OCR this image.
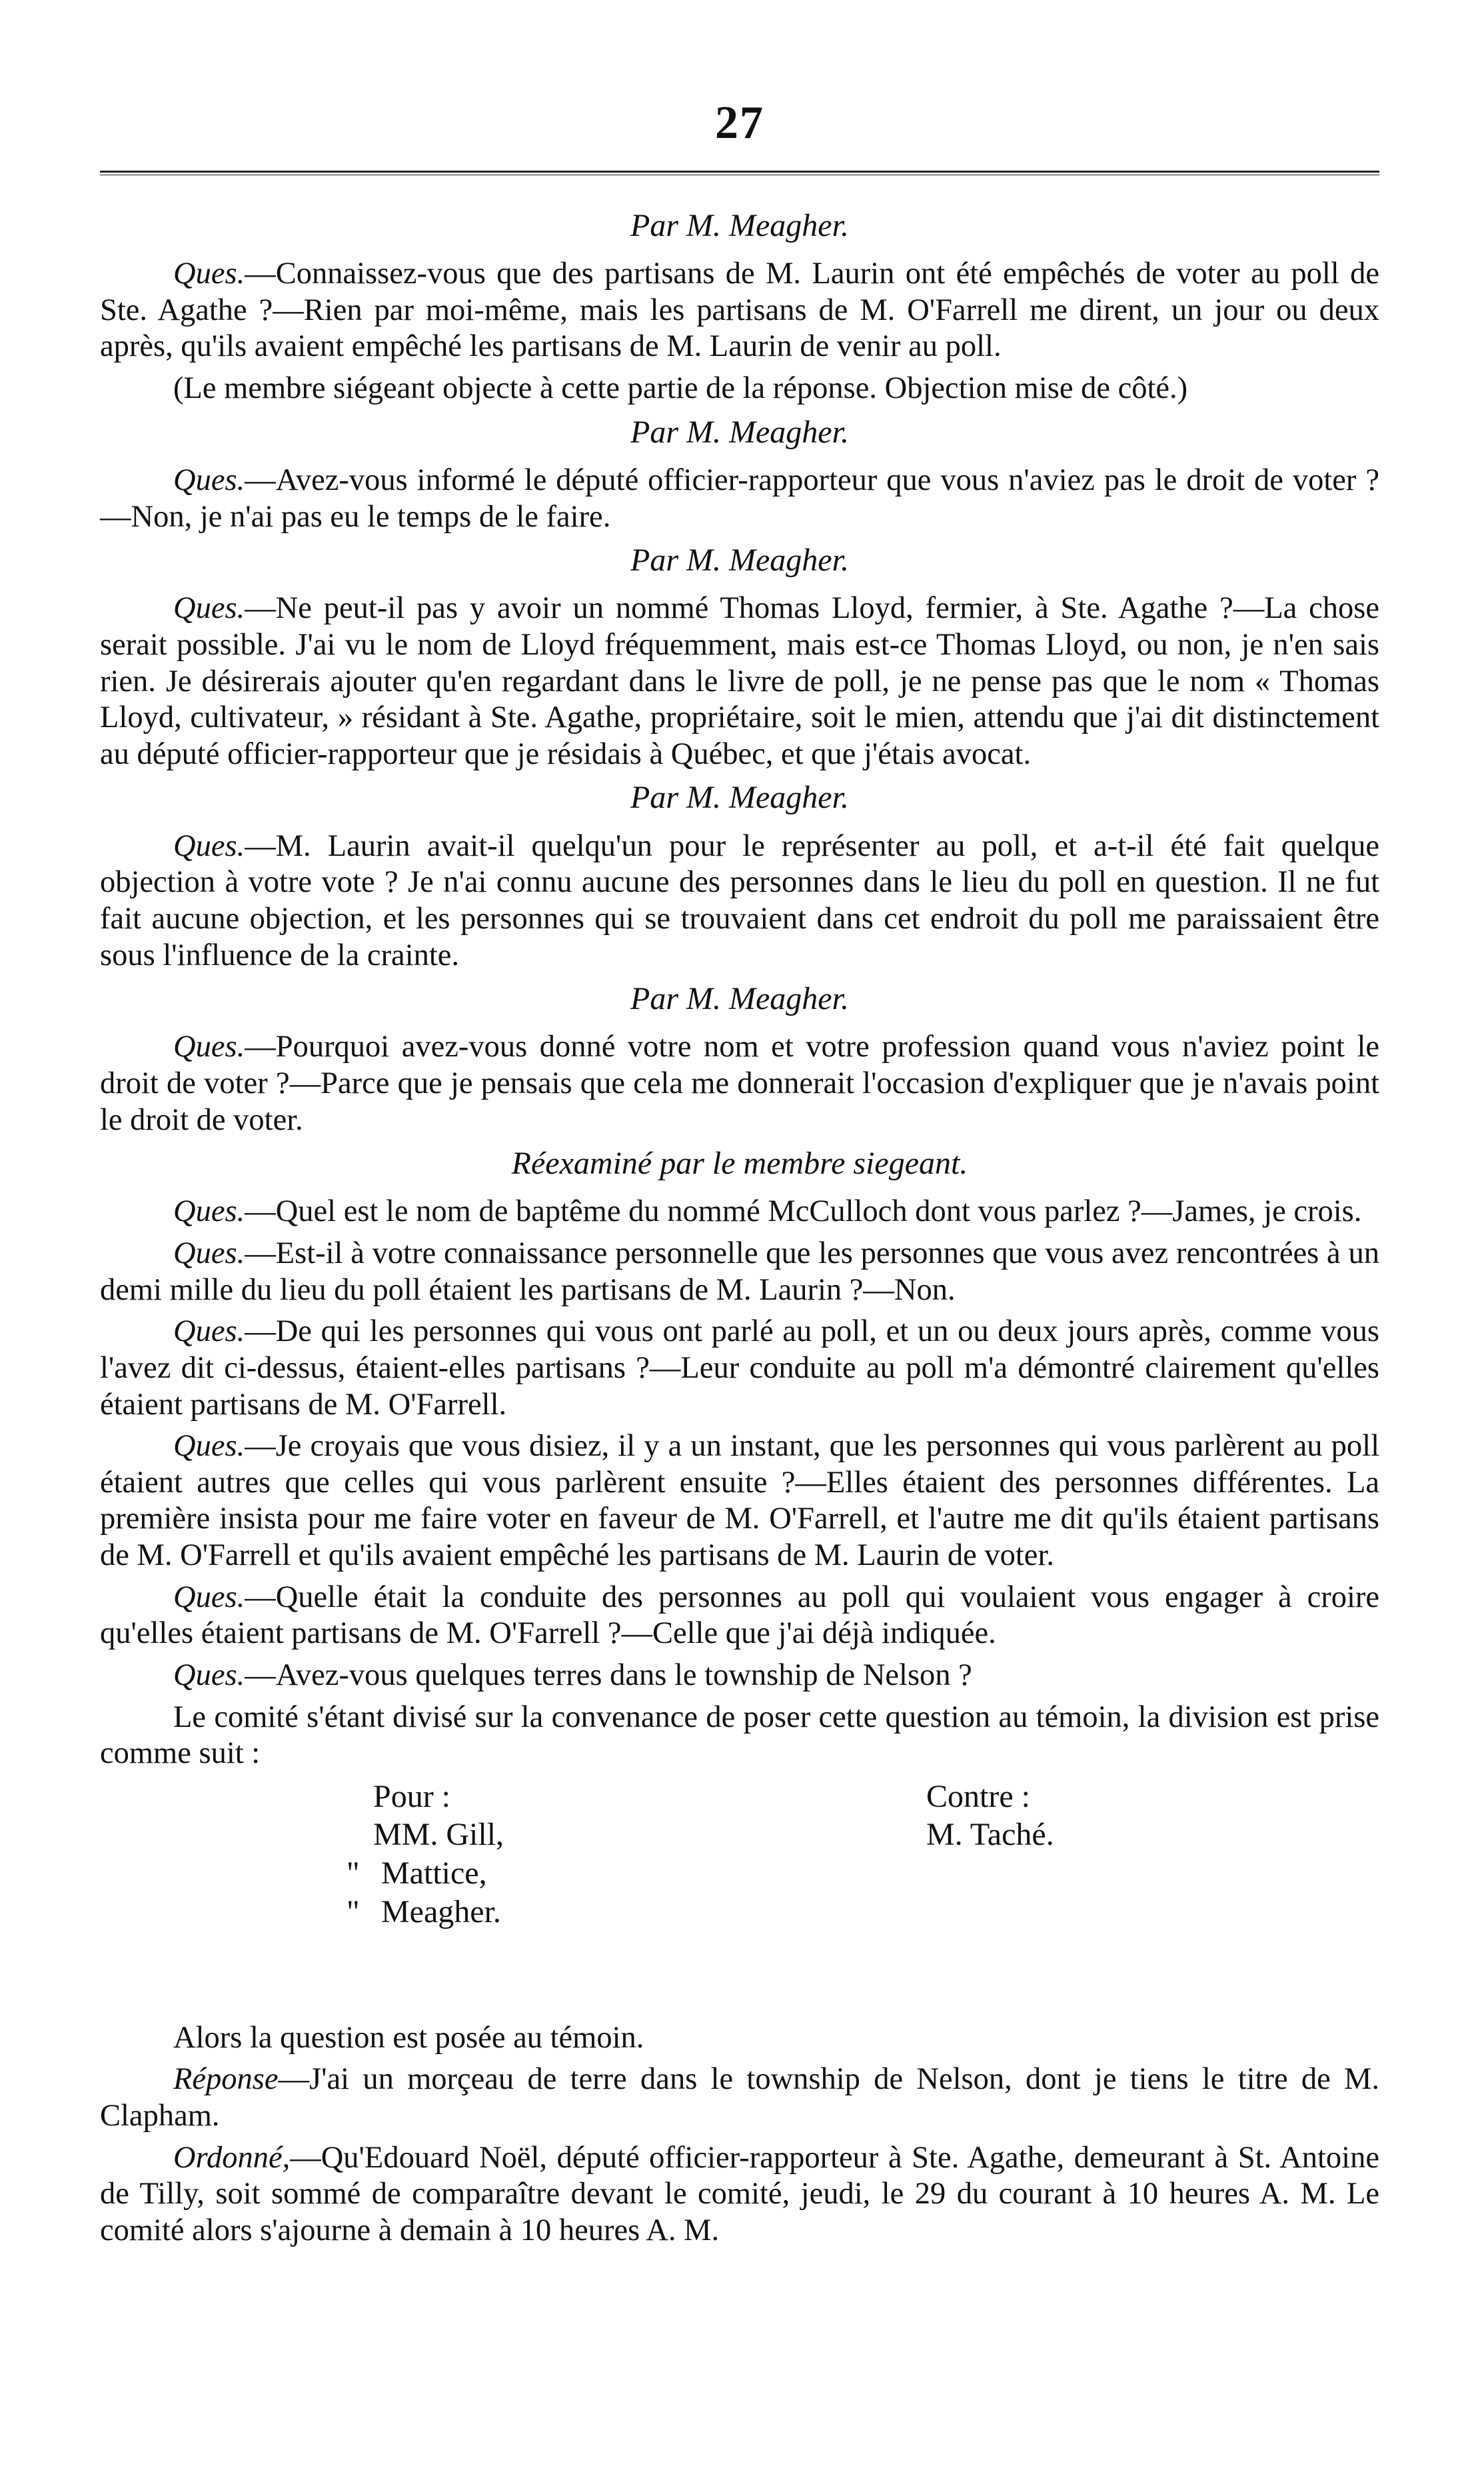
27
Par M. Meagher.

Ques.—Connaissez-vous que des partisans de M. Laurin ont été empêchés de voter au poll de Ste. Agathe ?—Rien par moi-même, mais les partisans de M. O'Farrell me dirent, un jour ou deux après, qu'ils avaient empêché les partisans de M. Laurin de venir au poll.

(Le membre siégeant objecte à cette partie de la réponse. Objection mise de côté.)

Par M. Meagher.

Ques.—Avez-vous informé le député officier-rapporteur que vous n'aviez pas le droit de voter ?—Non, je n'ai pas eu le temps de le faire.

Par M. Meagher.

Ques.—Ne peut-il pas y avoir un nommé Thomas Lloyd, fermier, à Ste. Agathe ?—La chose serait possible. J'ai vu le nom de Lloyd fréquemment, mais est-ce Thomas Lloyd, ou non, je n'en sais rien. Je désirerais ajouter qu'en regardant dans le livre de poll, je ne pense pas que le nom « Thomas Lloyd, cultivateur, » résidant à Ste. Agathe, propriétaire, soit le mien, attendu que j'ai dit distinctement au député officier-rapporteur que je résidais à Québec, et que j'étais avocat.

Par M. Meagher.

Ques.—M. Laurin avait-il quelqu'un pour le représenter au poll, et a-t-il été fait quelque objection à votre vote ? Je n'ai connu aucune des personnes dans le lieu du poll en question. Il ne fut fait aucune objection, et les personnes qui se trouvaient dans cet endroit du poll me paraissaient être sous l'influence de la crainte.

Par M. Meagher.

Ques.—Pourquoi avez-vous donné votre nom et votre profession quand vous n'aviez point le droit de voter ?—Parce que je pensais que cela me donnerait l'occasion d'expliquer que je n'avais point le droit de voter.

Réexaminé par le membre siegeant.

Ques.—Quel est le nom de baptême du nommé McCulloch dont vous parlez ?—James, je crois.

Ques.—Est-il à votre connaissance personnelle que les personnes que vous avez rencontrées à un demi mille du lieu du poll étaient les partisans de M. Laurin ?—Non.

Ques.—De qui les personnes qui vous ont parlé au poll, et un ou deux jours après, comme vous l'avez dit ci-dessus, étaient-elles partisans ?—Leur conduite au poll m'a démontré clairement qu'elles étaient partisans de M. O'Farrell.

Ques.—Je croyais que vous disiez, il y a un instant, que les personnes qui vous parlèrent au poll étaient autres que celles qui vous parlèrent ensuite ?—Elles étaient des personnes différentes. La première insista pour me faire voter en faveur de M. O'Farrell, et l'autre me dit qu'ils étaient partisans de M. O'Farrell et qu'ils avaient empêché les partisans de M. Laurin de voter.

Ques.—Quelle était la conduite des personnes au poll qui voulaient vous engager à croire qu'elles étaient partisans de M. O'Farrell ?—Celle que j'ai déjà indiquée.

Ques.—Avez-vous quelques terres dans le township de Nelson ?

Le comité s'étant divisé sur la convenance de poser cette question au témoin, la division est prise comme suit :

Pour :
MM. Gill,
" Mattice,
" Meagher.
Contre :
M. Taché.

Alors la question est posée au témoin.

Réponse—J'ai un morçeau de terre dans le township de Nelson, dont je tiens le titre de M. Clapham.

Ordonné,—Qu'Edouard Noël, député officier-rapporteur à Ste. Agathe, demeurant à St. Antoine de Tilly, soit sommé de comparaître devant le comité, jeudi, le 29 du courant à 10 heures A. M. Le comité alors s'ajourne à demain à 10 heures A. M.
